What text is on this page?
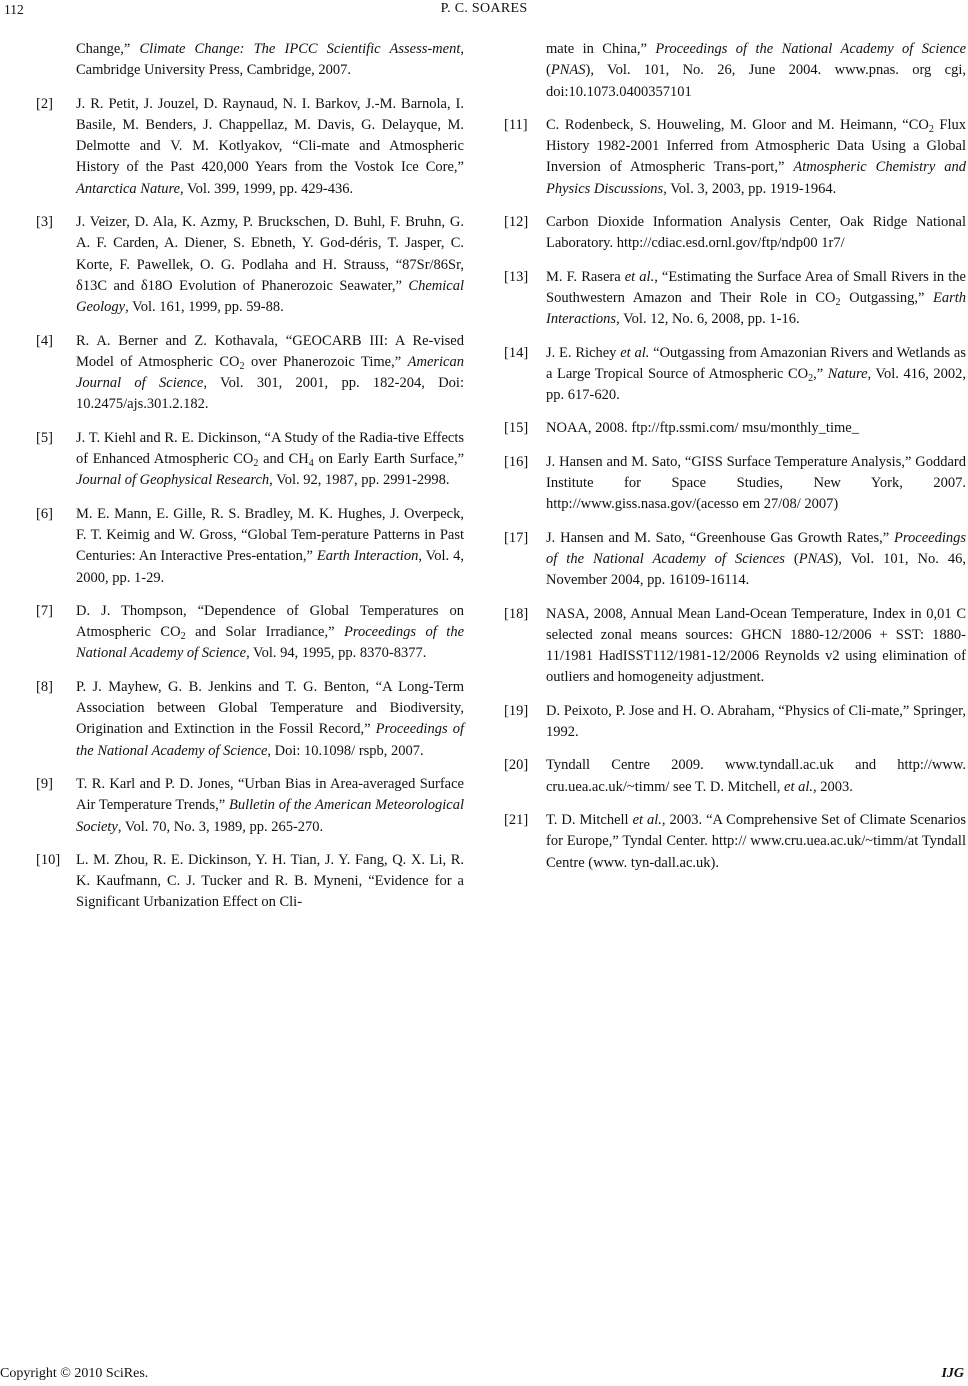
112	P. C. SOARES
Change,” Climate Change: The IPCC Scientific Assess-ment, Cambridge University Press, Cambridge, 2007.
[2] J. R. Petit, J. Jouzel, D. Raynaud, N. I. Barkov, J.-M. Barnola, I. Basile, M. Benders, J. Chappellaz, M. Davis, G. Delayque, M. Delmotte and V. M. Kotlyakov, “Cli-mate and Atmospheric History of the Past 420,000 Years from the Vostok Ice Core,” Antarctica Nature, Vol. 399, 1999, pp. 429-436.
[3] J. Veizer, D. Ala, K. Azmy, P. Bruckschen, D. Buhl, F. Bruhn, G. A. F. Carden, A. Diener, S. Ebneth, Y. God-déris, T. Jasper, C. Korte, F. Pawellek, O. G. Podlaha and H. Strauss, “87Sr/86Sr, δ13C and δ18O Evolution of Phanerozoic Seawater,” Chemical Geology, Vol. 161, 1999, pp. 59-88.
[4] R. A. Berner and Z. Kothavala, “GEOCARB III: A Re-vised Model of Atmospheric $CO_2$ over Phanerozoic Time,” American Journal of Science, Vol. 301, 2001, pp. 182-204, Doi: 10.2475/ajs.301.2.182.
[5] J. T. Kiehl and R. E. Dickinson, “A Study of the Radia-tive Effects of Enhanced Atmospheric $CO_2$ and $CH_4$ on Early Earth Surface,” Journal of Geophysical Research, Vol. 92, 1987, pp. 2991-2998.
[6] M. E. Mann, E. Gille, R. S. Bradley, M. K. Hughes, J. Overpeck, F. T. Keimig and W. Gross, “Global Tem-perature Patterns in Past Centuries: An Interactive Pres-entation,” Earth Interaction, Vol. 4, 2000, pp. 1-29.
[7] D. J. Thompson, “Dependence of Global Temperatures on Atmospheric $CO_2$ and Solar Irradiance,” Proceedings of the National Academy of Science, Vol. 94, 1995, pp. 8370-8377.
[8] P. J. Mayhew, G. B. Jenkins and T. G. Benton, “A Long-Term Association between Global Temperature and Biodiversity, Origination and Extinction in the Fossil Record,” Proceedings of the National Academy of Science, Doi: 10.1098/ rspb, 2007.
[9] T. R. Karl and P. D. Jones, “Urban Bias in Area-averaged Surface Air Temperature Trends,” Bulletin of the American Meteorological Society, Vol. 70, No. 3, 1989, pp. 265-270.
[10] L. M. Zhou, R. E. Dickinson, Y. H. Tian, J. Y. Fang, Q. X. Li, R. K. Kaufmann, C. J. Tucker and R. B. Myneni, “Evidence for a Significant Urbanization Effect on Cli-
mate in China,” Proceedings of the National Academy of Science (PNAS), Vol. 101, No. 26, June 2004. www.pnas. org cgi, doi:10.1073.0400357101
[11] C. Rodenbeck, S. Houweling, M. Gloor and M. Heimann, “$CO_2$ Flux History 1982-2001 Inferred from Atmospheric Data Using a Global Inversion of Atmospheric Trans-port,” Atmospheric Chemistry and Physics Discussions, Vol. 3, 2003, pp. 1919-1964.
[12] Carbon Dioxide Information Analysis Center, Oak Ridge National Laboratory. http://cdiac.esd.ornl.gov/ftp/ndp00 1r7/
[13] M. F. Rasera et al., “Estimating the Surface Area of Small Rivers in the Southwestern Amazon and Their Role in $CO_2$ Outgassing,” Earth Interactions, Vol. 12, No. 6, 2008, pp. 1-16.
[14] J. E. Richey et al. “Outgassing from Amazonian Rivers and Wetlands as a Large Tropical Source of Atmospheric $CO_2$,” Nature, Vol. 416, 2002, pp. 617-620.
[15] NOAA, 2008. ftp://ftp.ssmi.com/ msu/monthly_time_
[16] J. Hansen and M. Sato, “GISS Surface Temperature Analysis,” Goddard Institute for Space Studies, New York, 2007. http://www.giss.nasa.gov/(acesso em 27/08/ 2007)
[17] J. Hansen and M. Sato, “Greenhouse Gas Growth Rates,” Proceedings of the National Academy of Sciences (PNAS), Vol. 101, No. 46, November 2004, pp. 16109-16114.
[18] NASA, 2008, Annual Mean Land-Ocean Temperature, Index in 0,01 C selected zonal means sources: GHCN 1880-12/2006 + SST: 1880-11/1981 HadISST112/1981-12/2006 Reynolds v2 using elimination of outliers and homogeneity adjustment.
[19] D. Peixoto, P. Jose and H. O. Abraham, “Physics of Cli-mate,” Springer, 1992.
[20] Tyndall Centre 2009. www.tyndall.ac.uk and http://www. cru.uea.ac.uk/~timm/ see T. D. Mitchell, et al., 2003.
[21] T. D. Mitchell et al., 2003. “A Comprehensive Set of Climate Scenarios for Europe,” Tyndal Center. http:// www.cru.uea.ac.uk/~timm/at Tyndall Centre (www. tyn-dall.ac.uk).
Copyright © 2010 SciRes.	IJG
